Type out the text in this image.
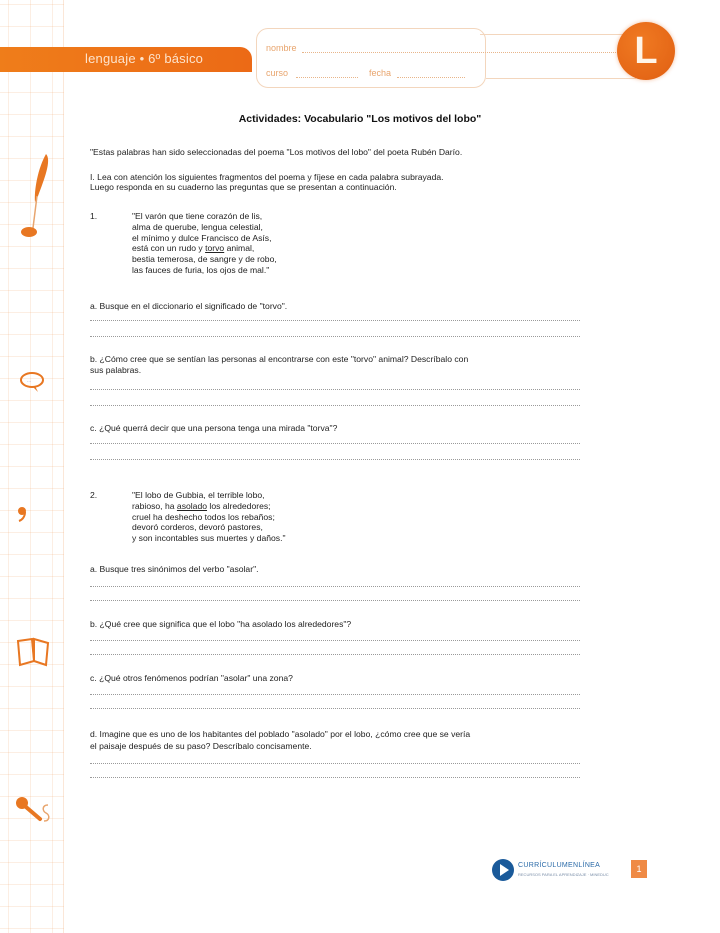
...
lenguaje • 6º básico
nombre
curso	fecha
L
Actividades: Vocabulario "Los motivos del lobo"
"Estas palabras han sido seleccionadas del poema "Los motivos del lobo" del poeta Rubén Darío.
I. Lea con atención los siguientes fragmentos del poema y fíjese en cada palabra subrayada.
Luego responda en su cuaderno las preguntas que se presentan a continuación.
1.	"El varón que tiene corazón de lis,
alma de querube, lengua celestial,
el mínimo y dulce Francisco de Asís,
está con un rudo y torvo animal,
bestia temerosa, de sangre y de robo,
las fauces de furia, los ojos de mal."
a. Busque en el diccionario el significado de "torvo".
b. ¿Cómo cree que se sentían las personas al encontrarse con este "torvo" animal? Descríbalo con
sus palabras.
c. ¿Qué querrá decir que una persona tenga una mirada "torva"?
2.	"El lobo de Gubbia, el terrible lobo,
rabioso, ha asolado los alrededores;
cruel ha deshecho todos los rebaños;
devoró corderos, devoró pastores,
y son incontables sus muertes y daños."
a. Busque tres sinónimos del verbo "asolar".
b. ¿Qué cree que significa que el lobo "ha asolado los alrededores"?
c. ¿Qué otros fenómenos podrían "asolar" una zona?
d. Imagine que es uno de los habitantes del poblado "asolado" por el lobo, ¿cómo cree que se vería
el paisaje después de su paso? Descríbalo concisamente.
CURRÍCULUMENLÍNEA
RECURSOS PARA EL APRENDIZAJE · MINEDUC
1
